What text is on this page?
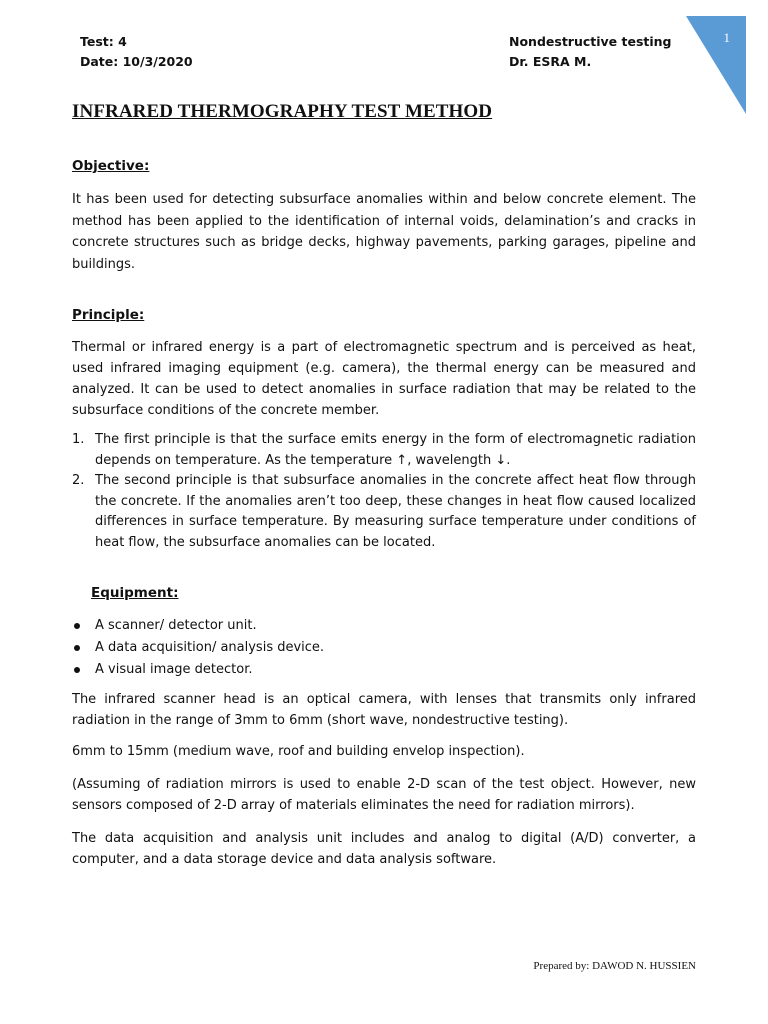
Test: 4
Date: 10/3/2020
Nondestructive testing
Dr. ESRA M.
1
INFRARED THERMOGRAPHY TEST METHOD
Objective:

It has been used for detecting subsurface anomalies within and below concrete element. The method has been applied to the identification of internal voids, delamination’s and cracks in concrete structures such as bridge decks, highway pavements, parking garages, pipeline and buildings.

Principle:

Thermal or infrared energy is a part of electromagnetic spectrum and is perceived as heat, used infrared imaging equipment (e.g. camera), the thermal energy can be measured and analyzed. It can be used to detect anomalies in surface radiation that may be related to the subsurface conditions of the concrete member.

1. The first principle is that the surface emits energy in the form of electromagnetic radiation depends on temperature. As the temperature ↑, wavelength ↓.
2. The second principle is that subsurface anomalies in the concrete affect heat flow through the concrete. If the anomalies aren’t too deep, these changes in heat flow caused localized differences in surface temperature. By measuring surface temperature under conditions of heat flow, the subsurface anomalies can be located.
Equipment:
A scanner/ detector unit.
A data acquisition/ analysis device.
A visual image detector.

The infrared scanner head is an optical camera, with lenses that transmits only infrared radiation in the range of 3mm to 6mm (short wave, nondestructive testing).

6mm to 15mm (medium wave, roof and building envelop inspection).

(Assuming of radiation mirrors is used to enable 2-D scan of the test object. However, new sensors composed of 2-D array of materials eliminates the need for radiation mirrors).

The data acquisition and analysis unit includes and analog to digital (A/D) converter, a computer, and a data storage device and data analysis software.

Prepared by: DAWOD N. HUSSIEN
